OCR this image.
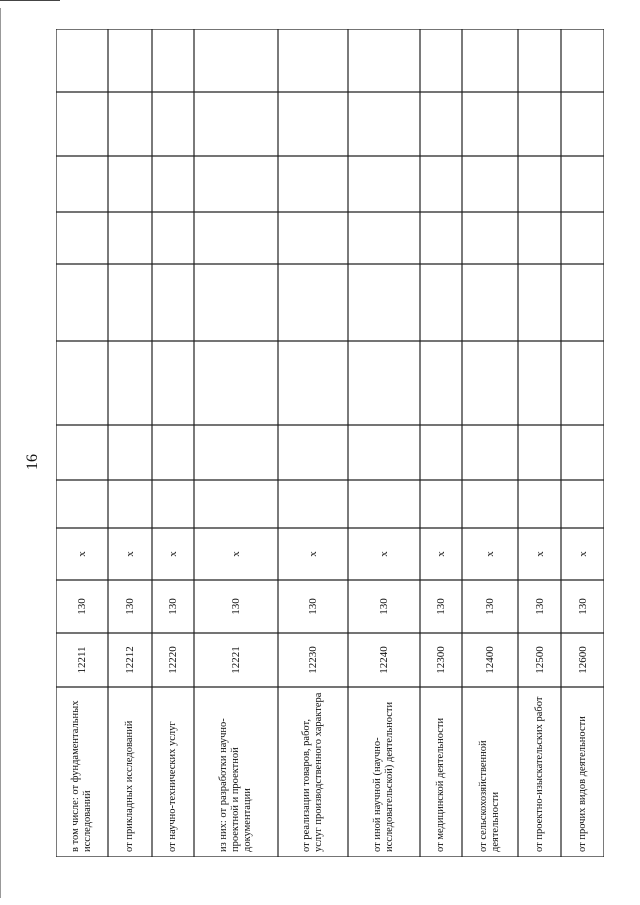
16
в том числе: от фундаментальных исследований
12211
130
x
от прикладных исследований
12212
130
x
от научно-технических услуг
12220
130
x
из них: от разработки научно-проектной и проектной документации
12221
130
x
от реализации товаров, работ, услуг производственного характера
12230
130
x
от иной научной (научно-исследовательской) деятельности
12240
130
x
от медицинской деятельности
12300
130
x
от сельскохозяйственной деятельности
12400
130
x
от проектно-изыскательских работ
12500
130
x
от прочих видов деятельности
12600
130
x
